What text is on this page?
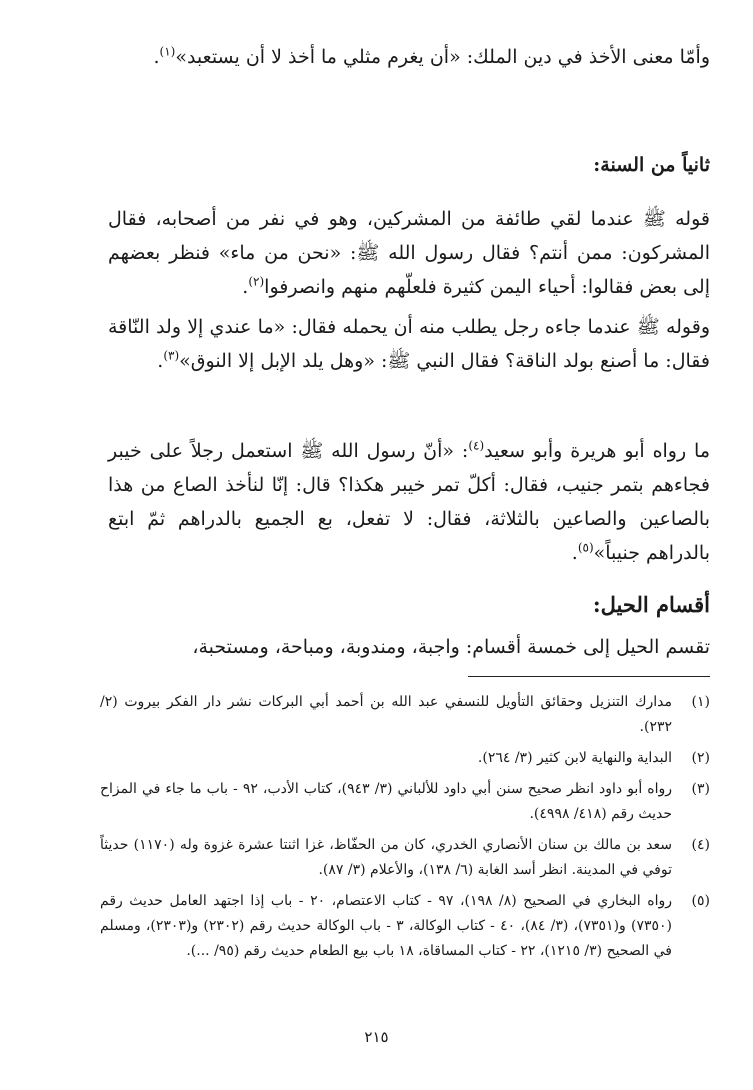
وأمّا معنى الأخذ في دين الملك: «أن يغرم مثلي ما أخذ لا أن يستعبد»$^{(١)}$.

ثانياً من السنة:

قوله ﷺ عندما لقي طائفة من المشركين، وهو في نفر من أصحابه، فقال المشركون: ممن أنتم؟ فقال رسول الله ﷺ: «نحن من ماء» فنظر بعضهم إلى بعض فقالوا: أحياء اليمن كثيرة فلعلّهم منهم وانصرفوا$^{(٢)}$.

وقوله ﷺ عندما جاءه رجل يطلب منه أن يحمله فقال: «ما عندي إلا ولد النّاقة فقال: ما أصنع بولد الناقة؟ فقال النبي ﷺ: «وهل يلد الإبل إلا النوق»$^{(٣)}$.

ما رواه أبو هريرة وأبو سعيد$^{(٤)}$: «أنّ رسول الله ﷺ استعمل رجلاً على خيبر فجاءهم بتمر جنيب، فقال: أكلّ تمر خيبر هكذا؟ قال: إنّا لنأخذ الصاع من هذا بالصاعين والصاعين بالثلاثة، فقال: لا تفعل، بع الجميع بالدراهم ثمّ ابتع بالدراهم جنيباً»$^{(٥)}$.

أقسام الحيل:

تقسم الحيل إلى خمسة أقسام: واجبة، ومندوبة، ومباحة، ومستحبة،

(١)
مدارك التنزيل وحقائق التأويل للنسفي عبد الله بن أحمد أبي البركات نشر دار الفكر بيروت (٢/ ٢٣٢).
(٢)
البداية والنهاية لابن كثير (٣/ ٢٦٤).
(٣)
رواه أبو داود انظر صحيح سنن أبي داود للألباني (٣/ ٩٤٣)، كتاب الأدب، ٩٢ - باب ما جاء في المزاح حديث رقم (٤١٨/ ٤٩٩٨).
(٤)
سعد بن مالك بن سنان الأنصاري الخدري، كان من الحفّاظ، غزا اثنتا عشرة غزوة وله (١١٧٠) حديثاً توفي في المدينة. انظر أسد الغابة (٦/ ١٣٨)، والأعلام (٣/ ٨٧).
(٥)
رواه البخاري في الصحيح (٨/ ١٩٨)، ٩٧ - كتاب الاعتصام، ٢٠ - باب إذا اجتهد العامل حديث رقم (٧٣٥٠) و(٧٣٥١)، (٣/ ٨٤)، ٤٠ - كتاب الوكالة، ٣ - باب الوكالة حديث رقم (٢٣٠٢) و(٢٣٠٣)، ومسلم في الصحيح (٣/ ١٢١٥)، ٢٢ - كتاب المساقاة، ١٨ باب بيع الطعام حديث رقم (٩٥/ ...).
٢١٥
